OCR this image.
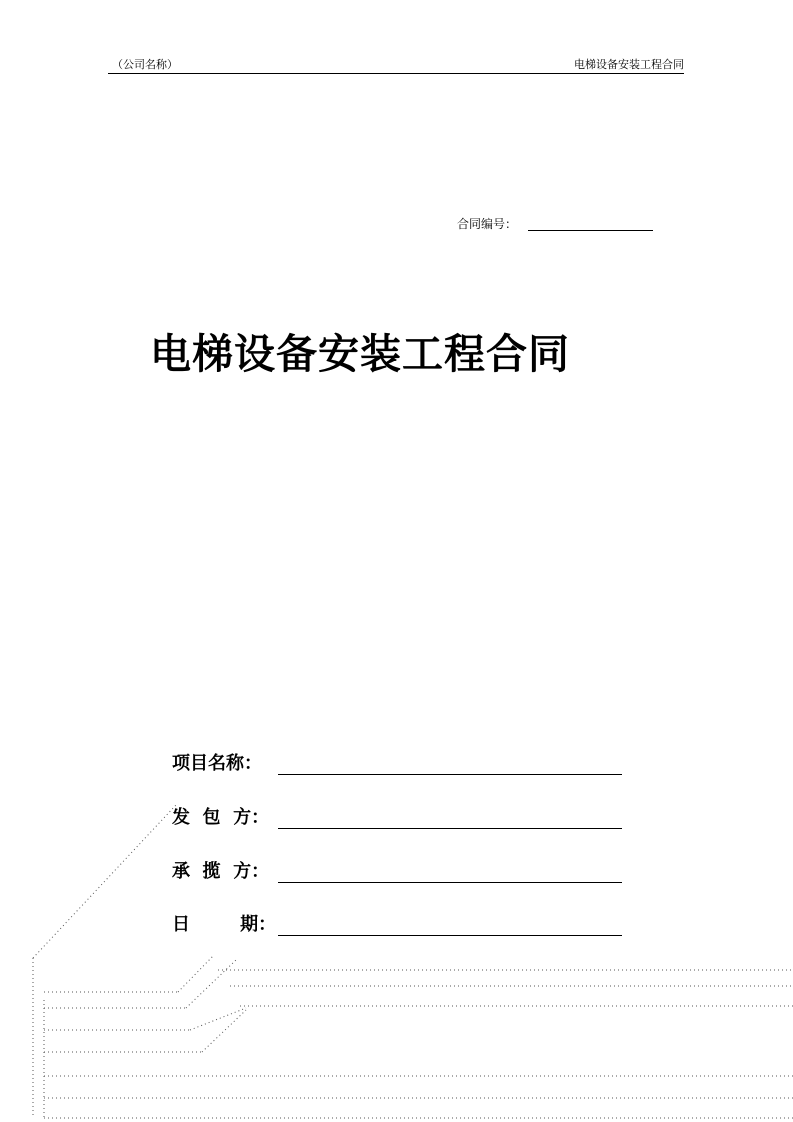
（公司名称）	电梯设备安装工程合同
合同编号：
电梯设备安装工程合同
项目名称：
发  包  方：
承  揽  方：
日        期：
